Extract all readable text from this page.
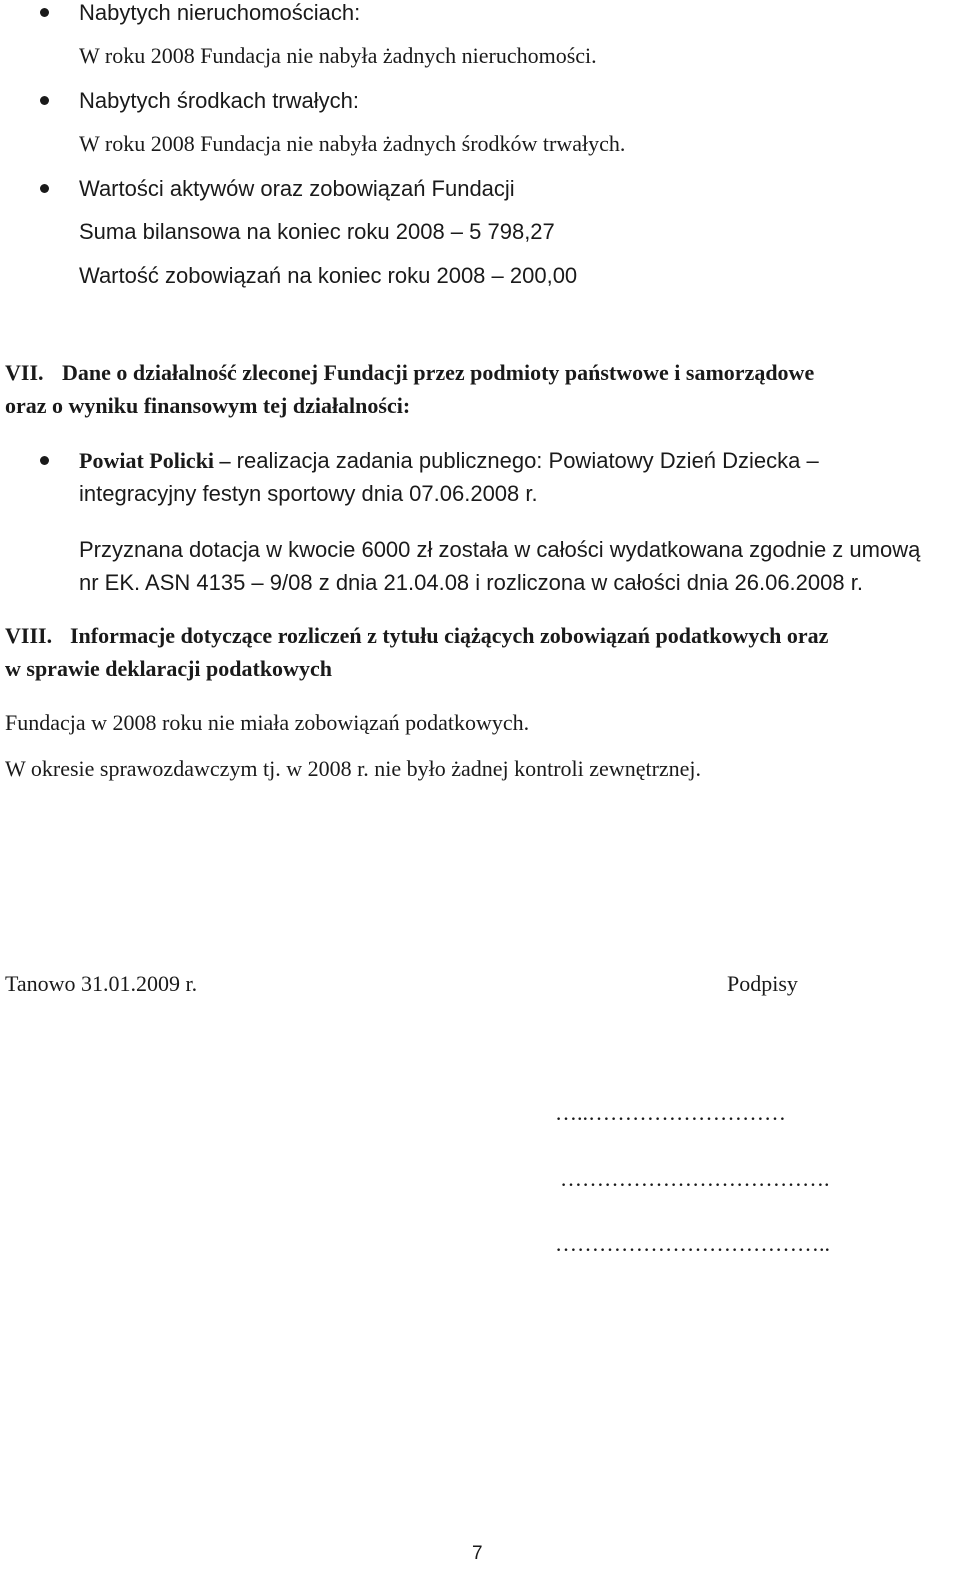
Nabytych nieruchomościach:
W roku 2008 Fundacja nie nabyła żadnych nieruchomości.
Nabytych środkach trwałych:
W roku 2008 Fundacja nie nabyła żadnych środków trwałych.
Wartości aktywów oraz zobowiązań Fundacji
Suma bilansowa na koniec roku 2008 – 5 798,27
Wartość zobowiązań na koniec roku 2008 – 200,00
VII. Dane o działalność zleconej Fundacji przez podmioty państwowe i samorządowe
oraz o wyniku finansowym tej działalności:
Powiat Policki – realizacja zadania publicznego: Powiatowy Dzień Dziecka –
integracyjny festyn sportowy dnia 07.06.2008 r.
Przyznana dotacja w kwocie 6000 zł została w całości wydatkowana zgodnie z umową
nr EK. ASN 4135 – 9/08 z dnia 21.04.08 i rozliczona w całości dnia 26.06.2008 r.
VIII. Informacje dotyczące rozliczeń z tytułu ciążących zobowiązań podatkowych oraz
w sprawie deklaracji podatkowych
Fundacja w 2008 roku nie miała zobowiązań podatkowych.
W okresie sprawozdawczym tj. w 2008 r. nie było żadnej kontroli zewnętrznej.
Tanowo 31.01.2009 r.	Podpisy
…..………………………
……………………………….
………………………………..
7
